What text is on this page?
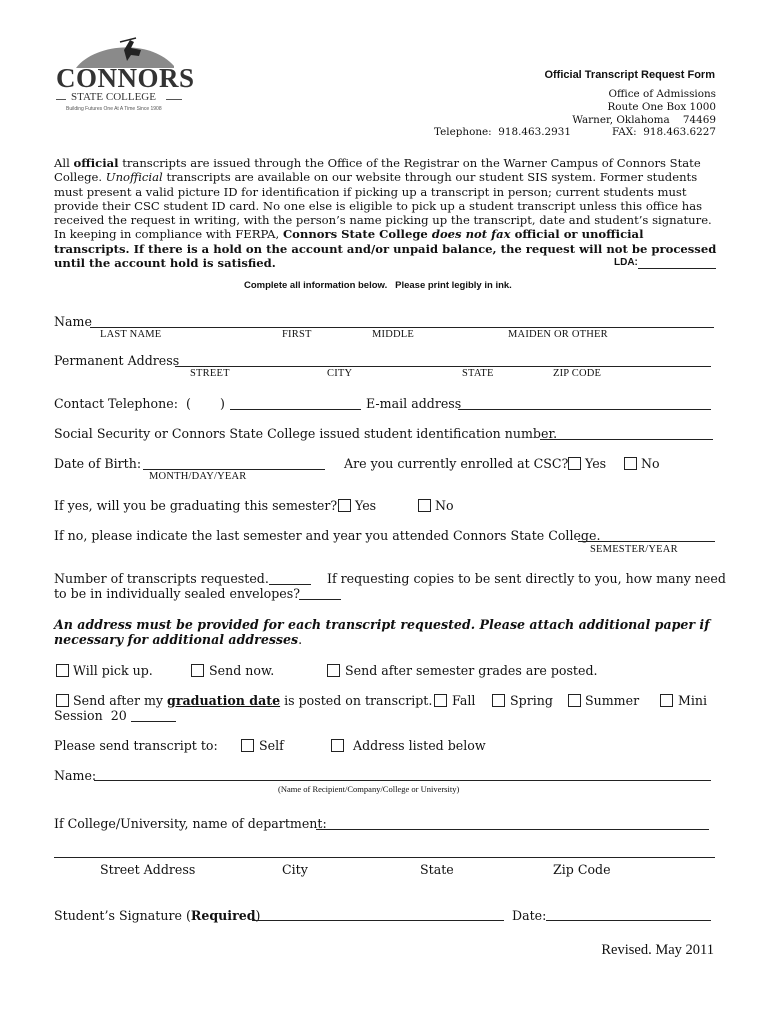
CONNORS
STATE COLLEGE
Building Futures One At A Time Since 1908
Official Transcript Request Form
Office of Admissions
Route One Box 1000
Warner, Oklahoma    74469
Telephone:  918.463.2931	FAX:  918.463.6227

All official transcripts are issued through the Office of the Registrar on the Warner Campus of Connors State College. Unofficial transcripts are available on our website through our student SIS system. Former students must present a valid picture ID for identification if picking up a transcript in person; current students must provide their CSC student ID card. No one else is eligible to pick up a student transcript unless this office has received the request in writing, with the person’s name picking up the transcript, date and student’s signature. In keeping in compliance with FERPA, Connors State College does not fax official or unofficial transcripts. If there is a hold on the account and/or unpaid balance, the request will not be processed until the account hold is satisfied.	LDA:
Complete all information below.   Please print legibly in ink.
Name
LAST NAME	FIRST	MIDDLE	MAIDEN OR OTHER
Permanent Address
STREET	CITY	STATE	ZIP CODE
Contact Telephone:  ( )	E-mail address
Social Security or Connors State College issued student identification number.
Date of Birth:
MONTH/DAY/YEAR
Are you currently enrolled at CSC? Yes	No
If yes, will you be graduating this semester? Yes	No
If no, please indicate the last semester and year you attended Connors State College.
SEMESTER/YEAR
Number of transcripts requested.	If requesting copies to be sent directly to you, how many need
to be in individually sealed envelopes?
An address must be provided for each transcript requested. Please attach additional paper if
necessary for additional addresses.
Will pick up.	Send now.	Send after semester grades are posted.
Send after my graduation date is posted on transcript. Fall	Spring	Summer	Mini
Session  20
Please send transcript to:	Self	Address listed below
Name:
(Name of Recipient/Company/College or University)
If College/University, name of department:
Street Address	City	State	Zip Code
Student’s Signature (Required)	Date:
Revised. May 2011
